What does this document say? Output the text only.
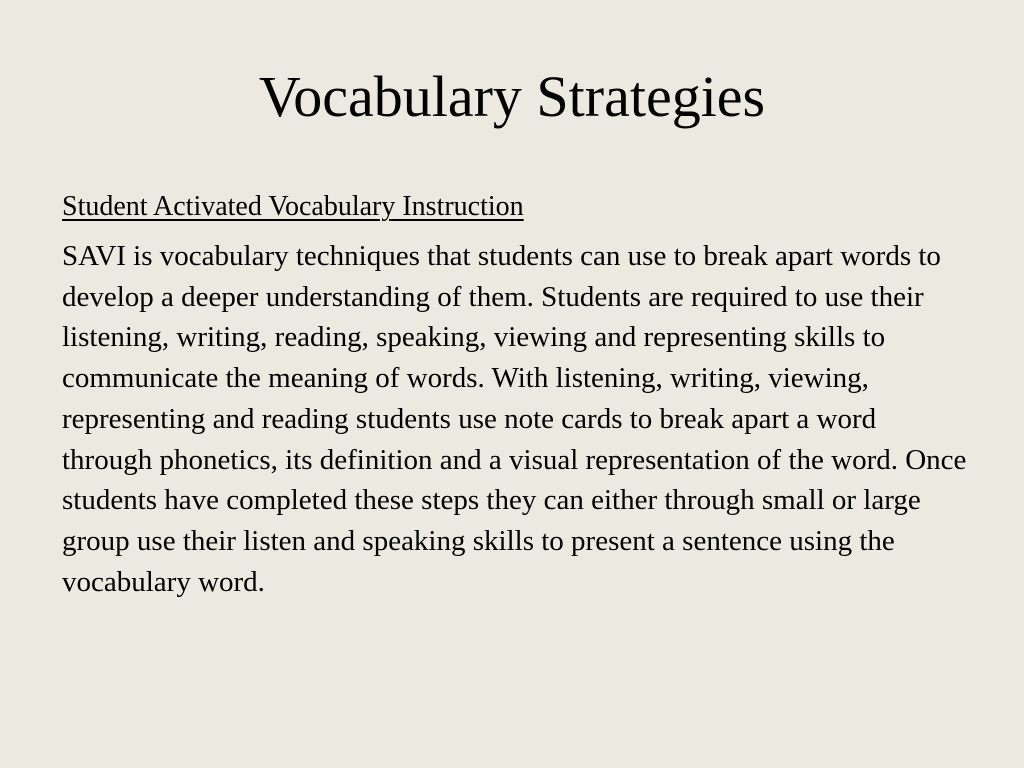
Vocabulary Strategies

Student Activated Vocabulary Instruction

SAVI is vocabulary techniques that students can use to break apart words to develop a deeper understanding of them. Students are required to use their listening, writing, reading, speaking, viewing and representing skills to communicate the meaning of words. With listening, writing, viewing, representing and reading students use note cards to break apart a word through phonetics, its definition and a visual representation of the word. Once students have completed these steps they can either through small or large group use their listen and speaking skills to present a sentence using the vocabulary word.
